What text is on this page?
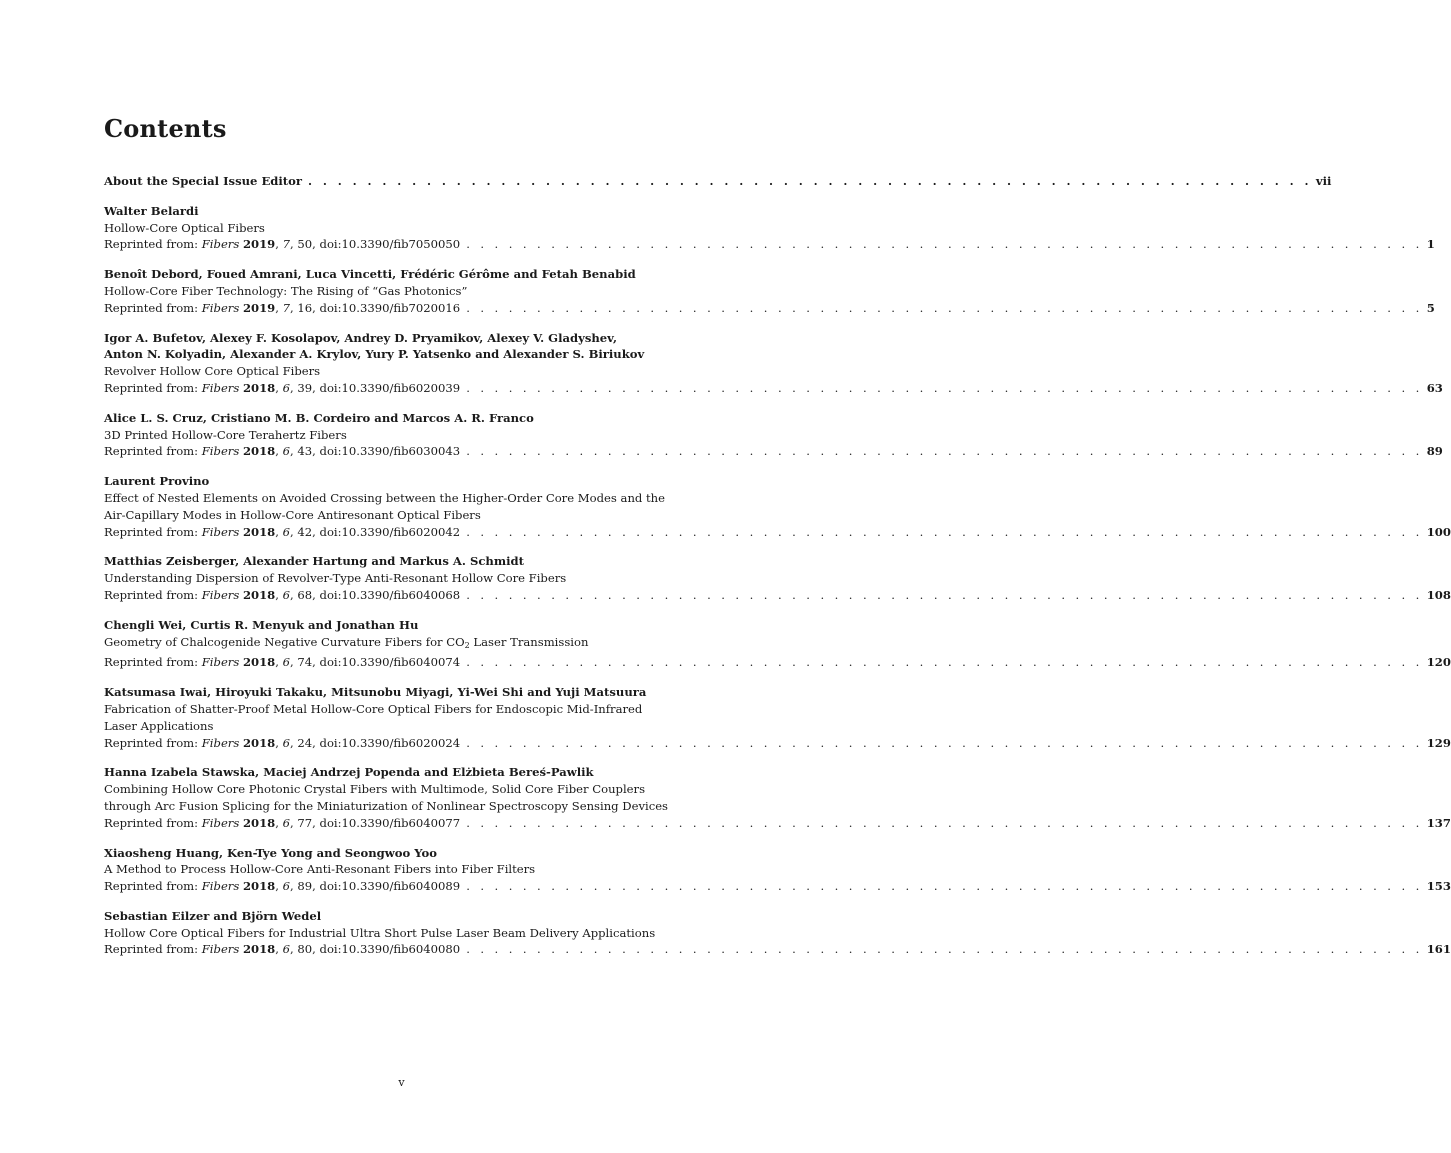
Contents
About the Special Issue Editor . . . . . . . . . . . . . . . . . . . . . . . . . . . . . . . . . . . . . . . . . . . . . . . . . . . . . . . . . . . . . . . . . . . . vii
Walter Belardi
Hollow-Core Optical Fibers
Reprinted from: Fibers 2019, 7, 50, doi:10.3390/fib7050050 . . . . . . . . . . . . . . . . . . . . . . . . . . . . . . . . . . . . . . . . . . . . . . . . . . . . . . . . . . . . . . . . . . . . 1
Benoît Debord, Foued Amrani, Luca Vincetti, Frédéric Gérôme and Fetah Benabid
Hollow-Core Fiber Technology: The Rising of “Gas Photonics”
Reprinted from: Fibers 2019, 7, 16, doi:10.3390/fib7020016 . . . . . . . . . . . . . . . . . . . . . . . . . . . . . . . . . . . . . . . . . . . . . . . . . . . . . . . . . . . . . . . . . . . . 5
Igor A. Bufetov, Alexey F. Kosolapov, Andrey D. Pryamikov, Alexey V. Gladyshev,
Anton N. Kolyadin, Alexander A. Krylov, Yury P. Yatsenko and Alexander S. Biriukov
Revolver Hollow Core Optical Fibers
Reprinted from: Fibers 2018, 6, 39, doi:10.3390/fib6020039 . . . . . . . . . . . . . . . . . . . . . . . . . . . . . . . . . . . . . . . . . . . . . . . . . . . . . . . . . . . . . . . . . . . . 63
Alice L. S. Cruz, Cristiano M. B. Cordeiro and Marcos A. R. Franco
3D Printed Hollow-Core Terahertz Fibers
Reprinted from: Fibers 2018, 6, 43, doi:10.3390/fib6030043 . . . . . . . . . . . . . . . . . . . . . . . . . . . . . . . . . . . . . . . . . . . . . . . . . . . . . . . . . . . . . . . . . . . . 89
Laurent Provino
Effect of Nested Elements on Avoided Crossing between the Higher-Order Core Modes and the
Air-Capillary Modes in Hollow-Core Antiresonant Optical Fibers
Reprinted from: Fibers 2018, 6, 42, doi:10.3390/fib6020042 . . . . . . . . . . . . . . . . . . . . . . . . . . . . . . . . . . . . . . . . . . . . . . . . . . . . . . . . . . . . . . . . . . . . 100
Matthias Zeisberger, Alexander Hartung and Markus A. Schmidt
Understanding Dispersion of Revolver-Type Anti-Resonant Hollow Core Fibers
Reprinted from: Fibers 2018, 6, 68, doi:10.3390/fib6040068 . . . . . . . . . . . . . . . . . . . . . . . . . . . . . . . . . . . . . . . . . . . . . . . . . . . . . . . . . . . . . . . . . . . . 108
Chengli Wei, Curtis R. Menyuk and Jonathan Hu
Geometry of Chalcogenide Negative Curvature Fibers for $CO_2$ Laser Transmission
Reprinted from: Fibers 2018, 6, 74, doi:10.3390/fib6040074 . . . . . . . . . . . . . . . . . . . . . . . . . . . . . . . . . . . . . . . . . . . . . . . . . . . . . . . . . . . . . . . . . . . . 120
Katsumasa Iwai, Hiroyuki Takaku, Mitsunobu Miyagi, Yi-Wei Shi and Yuji Matsuura
Fabrication of Shatter-Proof Metal Hollow-Core Optical Fibers for Endoscopic Mid-Infrared
Laser Applications
Reprinted from: Fibers 2018, 6, 24, doi:10.3390/fib6020024 . . . . . . . . . . . . . . . . . . . . . . . . . . . . . . . . . . . . . . . . . . . . . . . . . . . . . . . . . . . . . . . . . . . . 129
Hanna Izabela Stawska, Maciej Andrzej Popenda and Elżbieta Bereś-Pawlik
Combining Hollow Core Photonic Crystal Fibers with Multimode, Solid Core Fiber Couplers
through Arc Fusion Splicing for the Miniaturization of Nonlinear Spectroscopy Sensing Devices
Reprinted from: Fibers 2018, 6, 77, doi:10.3390/fib6040077 . . . . . . . . . . . . . . . . . . . . . . . . . . . . . . . . . . . . . . . . . . . . . . . . . . . . . . . . . . . . . . . . . . . . 137
Xiaosheng Huang, Ken-Tye Yong and Seongwoo Yoo
A Method to Process Hollow-Core Anti-Resonant Fibers into Fiber Filters
Reprinted from: Fibers 2018, 6, 89, doi:10.3390/fib6040089 . . . . . . . . . . . . . . . . . . . . . . . . . . . . . . . . . . . . . . . . . . . . . . . . . . . . . . . . . . . . . . . . . . . . 153
Sebastian Eilzer and Björn Wedel
Hollow Core Optical Fibers for Industrial Ultra Short Pulse Laser Beam Delivery Applications
Reprinted from: Fibers 2018, 6, 80, doi:10.3390/fib6040080 . . . . . . . . . . . . . . . . . . . . . . . . . . . . . . . . . . . . . . . . . . . . . . . . . . . . . . . . . . . . . . . . . . . . 161
v
